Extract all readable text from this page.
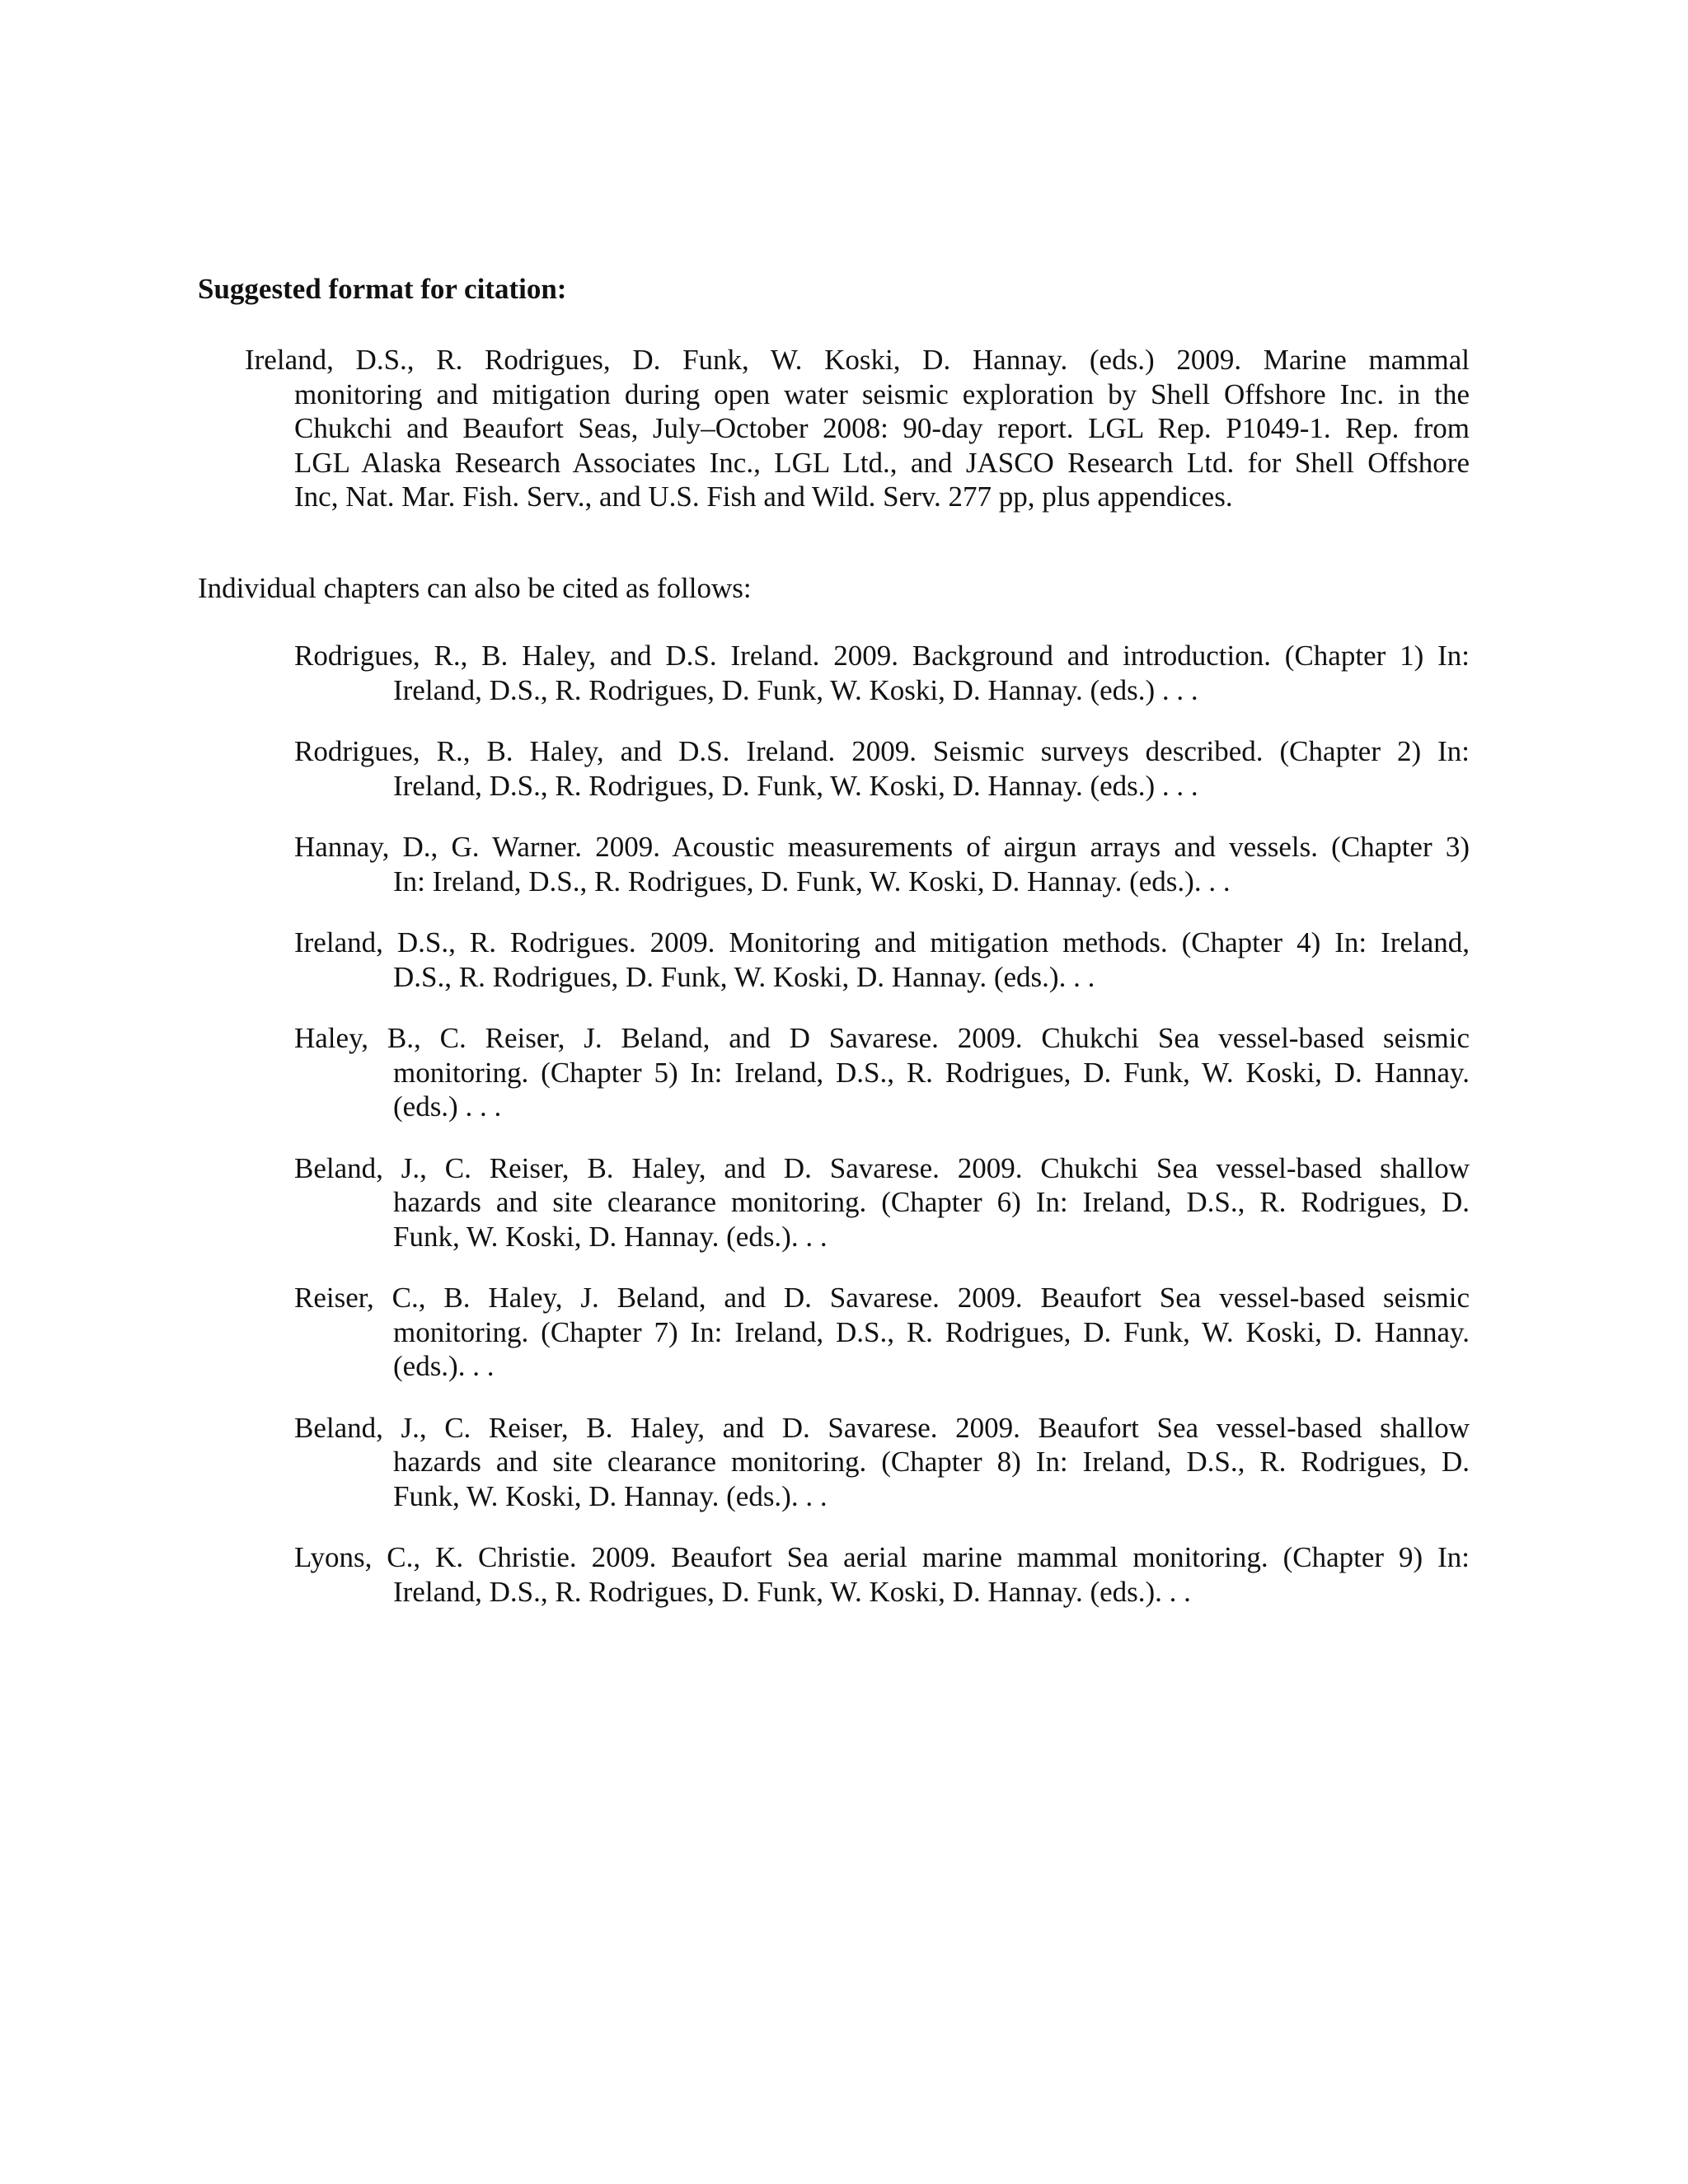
Suggested format for citation:

Ireland, D.S., R. Rodrigues, D. Funk, W. Koski, D. Hannay. (eds.) 2009. Marine mammal
monitoring and mitigation during open water seismic exploration by Shell Offshore Inc. in the
Chukchi and Beaufort Seas, July–October 2008: 90-day report. LGL Rep. P1049-1. Rep. from
LGL Alaska Research Associates Inc., LGL Ltd., and JASCO Research Ltd. for Shell Offshore
Inc, Nat. Mar. Fish. Serv., and U.S. Fish and Wild. Serv. 277 pp, plus appendices.

Individual chapters can also be cited as follows:

Rodrigues, R., B. Haley, and D.S. Ireland. 2009. Background and introduction. (Chapter 1) In:
Ireland, D.S., R. Rodrigues, D. Funk, W. Koski, D. Hannay. (eds.) . . .
Rodrigues, R., B. Haley, and D.S. Ireland. 2009. Seismic surveys described. (Chapter 2) In:
Ireland, D.S., R. Rodrigues, D. Funk, W. Koski, D. Hannay. (eds.) . . .
Hannay, D., G. Warner. 2009. Acoustic measurements of airgun arrays and vessels. (Chapter 3)
In: Ireland, D.S., R. Rodrigues, D. Funk, W. Koski, D. Hannay. (eds.). . .
Ireland, D.S., R. Rodrigues. 2009. Monitoring and mitigation methods. (Chapter 4) In: Ireland,
D.S., R. Rodrigues, D. Funk, W. Koski, D. Hannay. (eds.). . .
Haley, B., C. Reiser, J. Beland, and D Savarese. 2009. Chukchi Sea vessel-based seismic
monitoring. (Chapter 5) In: Ireland, D.S., R. Rodrigues, D. Funk, W. Koski, D. Hannay.
(eds.) . . .
Beland, J., C. Reiser, B. Haley, and D. Savarese. 2009. Chukchi Sea vessel-based shallow
hazards and site clearance monitoring. (Chapter 6) In: Ireland, D.S., R. Rodrigues, D.
Funk, W. Koski, D. Hannay. (eds.). . .
Reiser, C., B. Haley, J. Beland, and D. Savarese. 2009. Beaufort Sea vessel-based seismic
monitoring. (Chapter 7) In: Ireland, D.S., R. Rodrigues, D. Funk, W. Koski, D. Hannay.
(eds.). . .
Beland, J., C. Reiser, B. Haley, and D. Savarese. 2009. Beaufort Sea vessel-based shallow
hazards and site clearance monitoring. (Chapter 8) In: Ireland, D.S., R. Rodrigues, D.
Funk, W. Koski, D. Hannay. (eds.). . .
Lyons, C., K. Christie. 2009. Beaufort Sea aerial marine mammal monitoring. (Chapter 9) In:
Ireland, D.S., R. Rodrigues, D. Funk, W. Koski, D. Hannay. (eds.). . .
